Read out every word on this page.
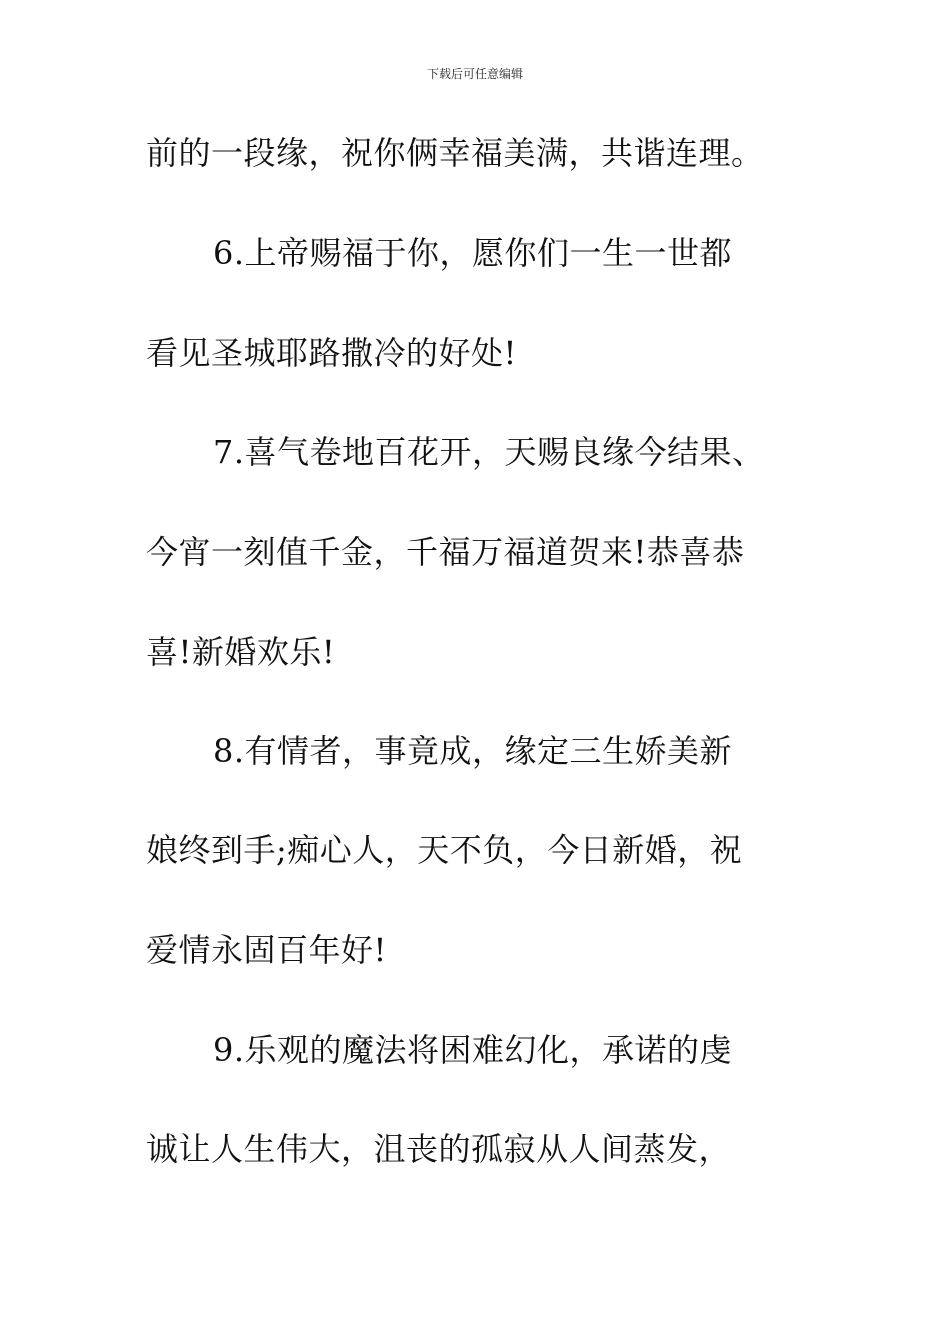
下载后可任意编辑
前的一段缘，祝你俩幸福美满，共谐连理。
6.上帝赐福于你，愿你们一生一世都
看见圣城耶路撒冷的好处!
7.喜气卷地百花开，天赐良缘今结果、
今宵一刻值千金，千福万福道贺来!恭喜恭
喜!新婚欢乐!
8.有情者，事竟成，缘定三生娇美新
娘终到手;痴心人，天不负，今日新婚，祝
爱情永固百年好!
9.乐观的魔法将困难幻化，承诺的虔
诚让人生伟大，沮丧的孤寂从人间蒸发，
